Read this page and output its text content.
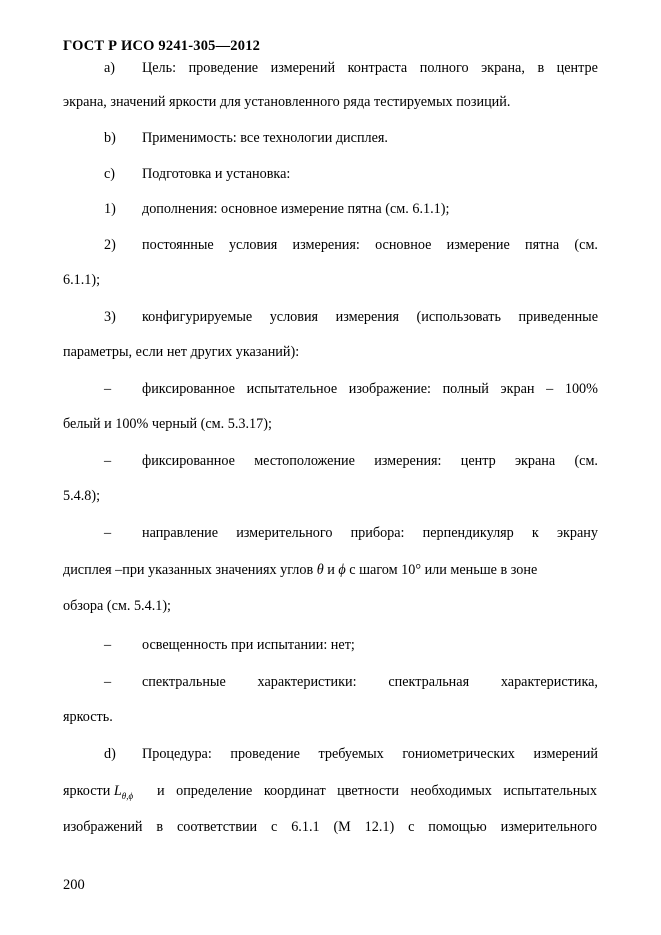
ГОСТ Р ИСО 9241-305—2012
a) Цель: проведение измерений контраста полного экрана, в центре
экрана, значений яркости для установленного ряда тестируемых позиций.
b) Применимость: все технологии дисплея.
c) Подготовка и установка:
1) дополнения: основное измерение пятна (см. 6.1.1);
2) постоянные условия измерения: основное измерение пятна (см.
6.1.1);
3) конфигурируемые условия измерения (использовать приведенные
параметры, если нет других указаний):
– фиксированное испытательное изображение: полный экран – 100%
белый и 100% черный (см. 5.3.17);
– фиксированное местоположение измерения: центр экрана (см.
5.4.8);
– направление измерительного прибора: перпендикуляр к экрану
дисплея –при указанных значениях углов θ и ϕ с шагом 10° или меньше в зоне
обзора (см. 5.4.1);
– освещенность при испытании: нет;
– спектральные характеристики: спектральная характеристика,
яркость.
d) Процедура: проведение требуемых гониометрических измерений
яркости $L_{\theta,\phi}$ и определение координат цветности необходимых испытательных
изображений в соответствии с 6.1.1 (М 12.1) с помощью измерительного
200
